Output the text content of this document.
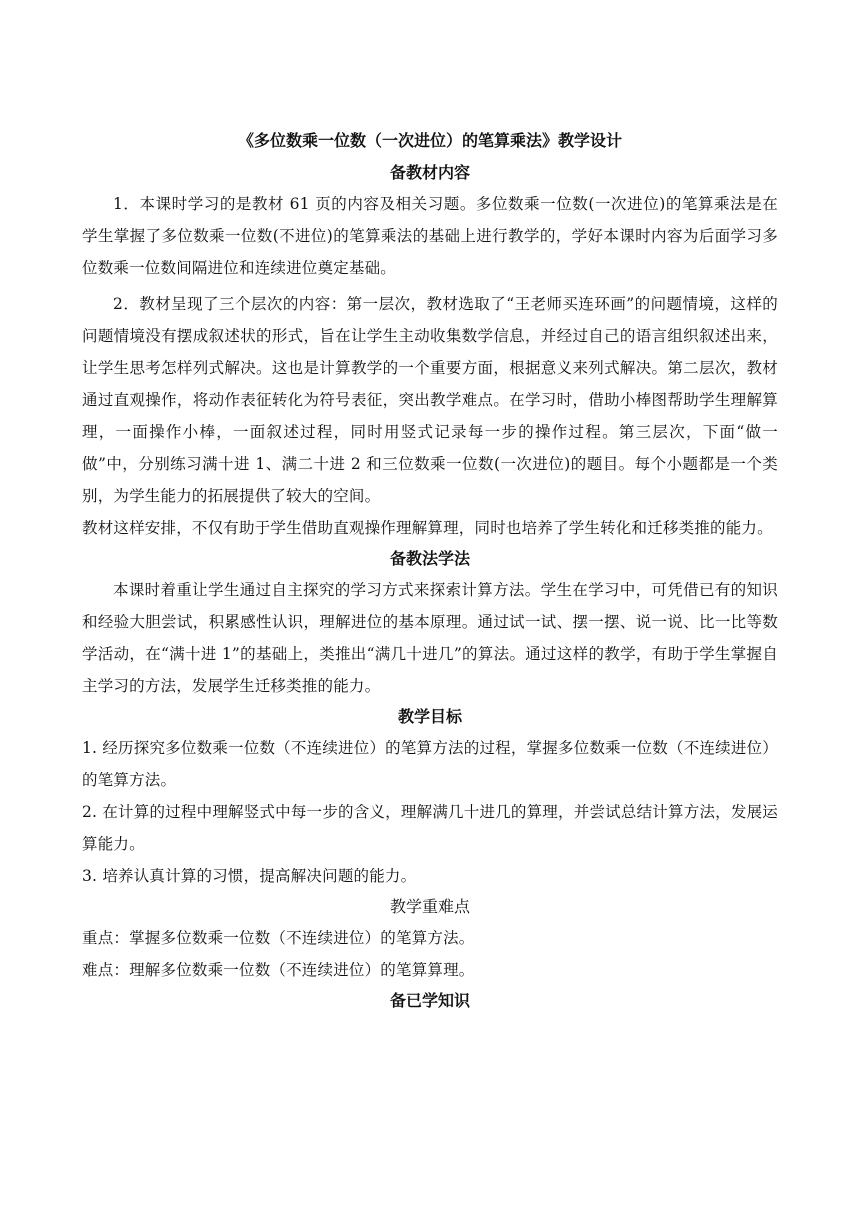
《多位数乘一位数（一次进位）的笔算乘法》教学设计
备教材内容

1．本课时学习的是教材 61 页的内容及相关习题。多位数乘一位数(一次进位)的笔算乘法是在学生掌握了多位数乘一位数(不进位)的笔算乘法的基础上进行教学的，学好本课时内容为后面学习多位数乘一位数间隔进位和连续进位奠定基础。

2．教材呈现了三个层次的内容：第一层次，教材选取了“王老师买连环画”的问题情境，这样的问题情境没有摆成叙述状的形式，旨在让学生主动收集数学信息，并经过自己的语言组织叙述出来，让学生思考怎样列式解决。这也是计算教学的一个重要方面，根据意义来列式解决。第二层次，教材通过直观操作，将动作表征转化为符号表征，突出教学难点。在学习时，借助小棒图帮助学生理解算理，一面操作小棒，一面叙述过程，同时用竖式记录每一步的操作过程。第三层次，下面“做一做”中，分别练习满十进 1、满二十进 2 和三位数乘一位数(一次进位)的题目。每个小题都是一个类别，为学生能力的拓展提供了较大的空间。

教材这样安排，不仅有助于学生借助直观操作理解算理，同时也培养了学生转化和迁移类推的能力。

备教法学法

本课时着重让学生通过自主探究的学习方式来探索计算方法。学生在学习中，可凭借已有的知识和经验大胆尝试，积累感性认识，理解进位的基本原理。通过试一试、摆一摆、说一说、比一比等数学活动，在“满十进 1”的基础上，类推出“满几十进几”的算法。通过这样的教学，有助于学生掌握自主学习的方法，发展学生迁移类推的能力。

教学目标

1. 经历探究多位数乘一位数（不连续进位）的笔算方法的过程，掌握多位数乘一位数（不连续进位）的笔算方法。

2. 在计算的过程中理解竖式中每一步的含义，理解满几十进几的算理，并尝试总结计算方法，发展运算能力。

3. 培养认真计算的习惯，提高解决问题的能力。

教学重难点

重点：掌握多位数乘一位数（不连续进位）的笔算方法。

难点：理解多位数乘一位数（不连续进位）的笔算算理。

备已学知识
